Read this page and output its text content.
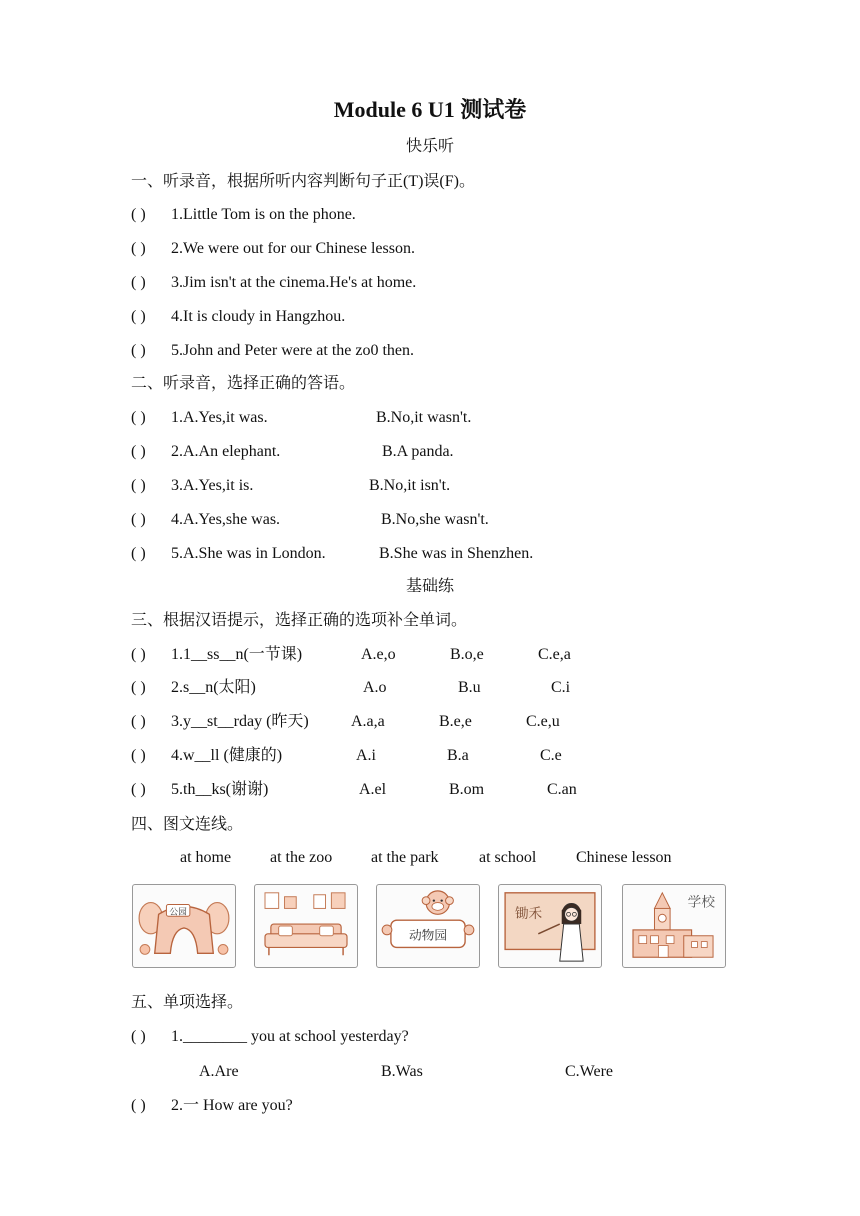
Module 6 U1 测试卷
快乐听
一、听录音，根据所听内容判断句子正(T)误(F)。
( ) 1.Little Tom is on the phone.
( ) 2.We were out for our Chinese lesson.
( ) 3.Jim isn't at the cinema.He's at home.
( ) 4.It is cloudy in Hangzhou.
( ) 5.John and Peter were at the zo0 then.
二、听录音，选择正确的答语。
( ) 1.A.Yes,it was.	B.No,it wasn't.
( ) 2.A.An elephant.	B.A panda.
( ) 3.A.Yes,it is.	B.No,it isn't.
( ) 4.A.Yes,she was.	B.No,she wasn't.
( ) 5.A.She was in London.	B.She was in Shenzhen.
基础练
三、根据汉语提示，选择正确的选项补全单词。
( ) 1.1__ss__n(一节课)	A.e,o	B.o,e	C.e,a
( ) 2.s__n(太阳)	A.o	B.u	C.i
( ) 3.y__st__rday (昨天)	A.a,a	B.e,e	C.e,u
( ) 4.w__ll (健康的)	A.i	B.a	C.e
( ) 5.th__ks(谢谢)	A.el	B.om	C.an
四、图文连线。
at home at the zoo at the park	at school Chinese lesson
公园
动物园
锄禾
学校
五、单项选择。
( ) 1.________ you at school yesterday?
A.Are	B.Was	C.Were
( ) 2.一 How are you?
